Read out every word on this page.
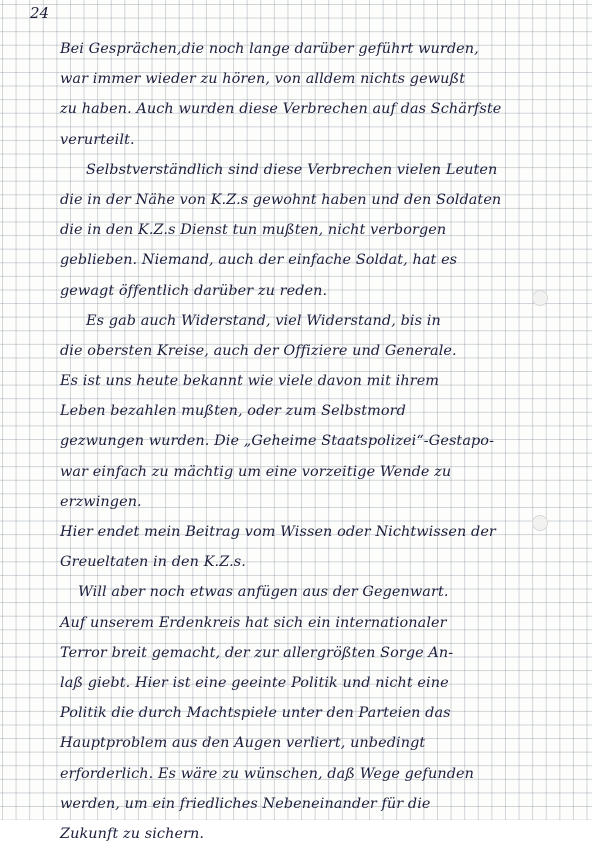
24
Bei Gesprächen,die noch lange darüber geführt wurden,
war immer wieder zu hören, von alldem nichts gewußt
zu haben. Auch wurden diese Verbrechen auf das Schärfste
verurteilt.
Selbstverständlich sind diese Verbrechen vielen Leuten
die in der Nähe von K.Z.s gewohnt haben und den Soldaten
die in den K.Z.s Dienst tun mußten, nicht verborgen
geblieben. Niemand, auch der einfache Soldat, hat es
gewagt öffentlich darüber zu reden.
Es gab auch Widerstand, viel Widerstand, bis in
die obersten Kreise, auch der Offiziere und Generale.
Es ist uns heute bekannt wie viele davon mit ihrem
Leben bezahlen mußten, oder zum Selbstmord
gezwungen wurden. Die „Geheime Staatspolizei“-Gestapo-
war einfach zu mächtig um eine vorzeitige Wende zu
erzwingen.
Hier endet mein Beitrag vom Wissen oder Nichtwissen der
Greueltaten in den K.Z.s.
Will aber noch etwas anfügen aus der Gegenwart.
Auf unserem Erdenkreis hat sich ein internationaler
Terror breit gemacht, der zur allergrößten Sorge An-
laß giebt. Hier ist eine geeinte Politik und nicht eine
Politik die durch Machtspiele unter den Parteien das
Hauptproblem aus den Augen verliert, unbedingt
erforderlich. Es wäre zu wünschen, daß Wege gefunden
werden, um ein friedliches Nebeneinander für die
Zukunft zu sichern.
